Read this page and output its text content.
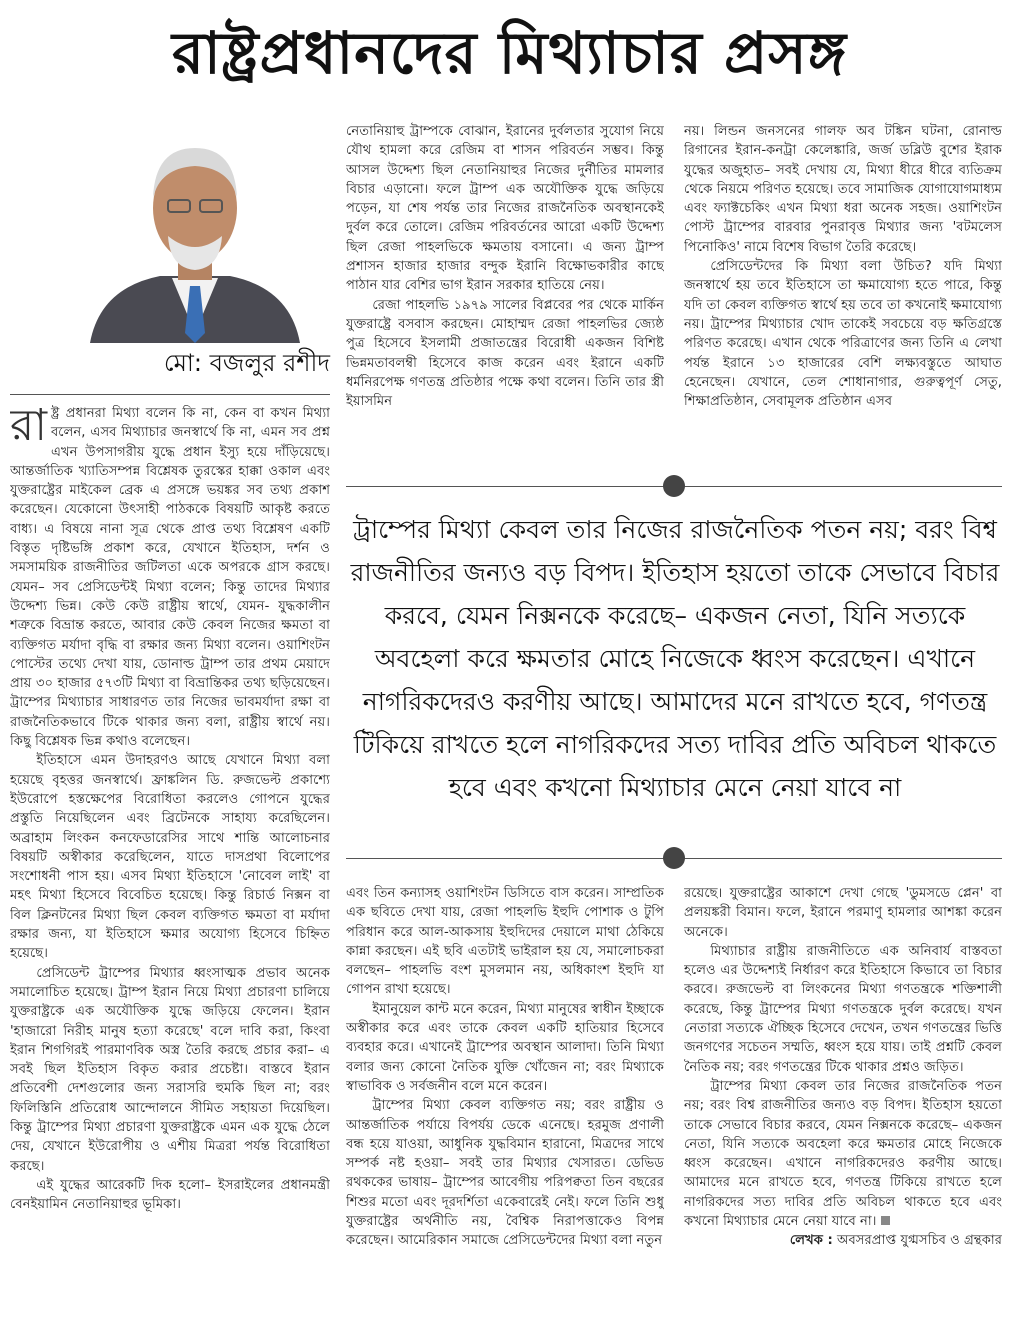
রাষ্ট্রপ্রধানদের মিথ্যাচার প্রসঙ্গ
মো: বজলুর রশীদ

রাষ্ট্র প্রধানরা মিথ্যা বলেন কি না, কেন বা কখন মিথ্যা বলেন, এসব মিথ্যাচার জনস্বার্থে কি না, এমন সব প্রশ্ন এখন উপসাগরীয় যুদ্ধে প্রধান ইস্যু হয়ে দাঁড়িয়েছে। আন্তর্জাতিক খ্যাতিসম্পন্ন বিশ্লেষক তুরস্কের হাক্কা ওকাল এবং যুক্তরাষ্ট্রের মাইকেল ব্রেক এ প্রসঙ্গে ভয়ঙ্কর সব তথ্য প্রকাশ করেছেন। যেকোনো উৎসাহী পাঠককে বিষয়টি আকৃষ্ট করতে বাধ্য। এ বিষয়ে নানা সূত্র থেকে প্রাপ্ত তথ্য বিশ্লেষণ একটি বিস্তৃত দৃষ্টিভঙ্গি প্রকাশ করে, যেখানে ইতিহাস, দর্শন ও সমসাময়িক রাজনীতির জটিলতা একে অপরকে গ্রাস করছে। যেমন– সব প্রেসিডেন্টই মিথ্যা বলেন; কিন্তু তাদের মিথ্যার উদ্দেশ্য ভিন্ন। কেউ কেউ রাষ্ট্রীয় স্বার্থে, যেমন- যুদ্ধকালীন শত্রুকে বিভ্রান্ত করতে, আবার কেউ কেবল নিজের ক্ষমতা বা ব্যক্তিগত মর্যাদা বৃদ্ধি বা রক্ষার জন্য মিথ্যা বলেন। ওয়াশিংটন পোস্টের তথ্যে দেখা যায়, ডোনাল্ড ট্রাম্প তার প্রথম মেয়াদে প্রায় ৩০ হাজার ৫৭৩টি মিথ্যা বা বিভ্রান্তিকর তথ্য ছড়িয়েছেন। ট্রাম্পের মিথ্যাচার সাধারণত তার নিজের ভাবমর্যাদা রক্ষা বা রাজনৈতিকভাবে টিকে থাকার জন্য বলা, রাষ্ট্রীয় স্বার্থে নয়। কিছু বিশ্লেষক ভিন্ন কথাও বলেছেন।

ইতিহাসে এমন উদাহরণও আছে যেখানে মিথ্যা বলা হয়েছে বৃহত্তর জনস্বার্থে। ফ্রাঙ্কলিন ডি. রুজভেল্ট প্রকাশ্যে ইউরোপে হস্তক্ষেপের বিরোধিতা করলেও গোপনে যুদ্ধের প্রস্তুতি নিয়েছিলেন এবং ব্রিটেনকে সাহায্য করেছিলেন। অব্রাহাম লিংকন কনফেডারেসির সাথে শান্তি আলোচনার বিষয়টি অস্বীকার করেছিলেন, যাতে দাসপ্রথা বিলোপের সংশোধনী পাস হয়। এসব মিথ্যা ইতিহাসে 'নোবেল লাই' বা মহৎ মিথ্যা হিসেবে বিবেচিত হয়েছে। কিন্তু রিচার্ড নিক্সন বা বিল ক্লিনটনের মিথ্যা ছিল কেবল ব্যক্তিগত ক্ষমতা বা মর্যাদা রক্ষার জন্য, যা ইতিহাসে ক্ষমার অযোগ্য হিসেবে চিহ্নিত হয়েছে।

প্রেসিডেন্ট ট্রাম্পের মিথ্যার ধ্বংসাত্মক প্রভাব অনেক সমালোচিত হয়েছে। ট্রাম্প ইরান নিয়ে মিথ্যা প্রচারণা চালিয়ে যুক্তরাষ্ট্রকে এক অযৌক্তিক যুদ্ধে জড়িয়ে ফেলেন। ইরান 'হাজারো নিরীহ মানুষ হত্যা করেছে' বলে দাবি করা, কিংবা ইরান শিগগিরই পারমাণবিক অস্ত্র তৈরি করছে প্রচার করা– এ সবই ছিল ইতিহাস বিকৃত করার প্রচেষ্টা। বাস্তবে ইরান প্রতিবেশী দেশগুলোর জন্য সরাসরি হুমকি ছিল না; বরং ফিলিস্তিনি প্রতিরোধ আন্দোলনে সীমিত সহায়তা দিয়েছিল। কিন্তু ট্রাম্পের মিথ্যা প্রচারণা যুক্তরাষ্ট্রকে এমন এক যুদ্ধে ঠেলে দেয়, যেখানে ইউরোপীয় ও এশীয় মিত্ররা পর্যন্ত বিরোধিতা করছে।

এই যুদ্ধের আরেকটি দিক হলো– ইসরাইলের প্রধানমন্ত্রী বেনইয়ামিন নেতানিয়াহুর ভূমিকা।

নেতানিয়াহু ট্রাম্পকে বোঝান, ইরানের দুর্বলতার সুযোগ নিয়ে যৌথ হামলা করে রেজিম বা শাসন পরিবর্তন সম্ভব। কিন্তু আসল উদ্দেশ্য ছিল নেতানিয়াহুর নিজের দুর্নীতির মামলার বিচার এড়ানো। ফলে ট্রাম্প এক অযৌক্তিক যুদ্ধে জড়িয়ে পড়েন, যা শেষ পর্যন্ত তার নিজের রাজনৈতিক অবস্থানকেই দুর্বল করে তোলে। রেজিম পরিবর্তনের আরো একটি উদ্দেশ্য ছিল রেজা পাহলভিকে ক্ষমতায় বসানো। এ জন্য ট্রাম্প প্রশাসন হাজার হাজার বন্দুক ইরানি বিক্ষোভকারীর কাছে পাঠান যার বেশির ভাগ ইরান সরকার হাতিয়ে নেয়।

রেজা পাহলভি ১৯৭৯ সালের বিপ্লবের পর থেকে মার্কিন যুক্তরাষ্ট্রে বসবাস করছেন। মোহাম্মদ রেজা পাহলভির জ্যেষ্ঠ পুত্র হিসেবে ইসলামী প্রজাতন্ত্রের বিরোধী একজন বিশিষ্ট ভিন্নমতাবলম্বী হিসেবে কাজ করেন এবং ইরানে একটি ধর্মনিরপেক্ষ গণতন্ত্র প্রতিষ্ঠার পক্ষে কথা বলেন। তিনি তার স্ত্রী ইয়াসমিন

নয়। লিন্ডন জনসনের গালফ অব টঙ্কিন ঘটনা, রোনাল্ড রিগানের ইরান-কনট্রা কেলেঙ্কারি, জর্জ ডব্লিউ বুশের ইরাক যুদ্ধের অজুহাত– সবই দেখায় যে, মিথ্যা ধীরে ধীরে ব্যতিক্রম থেকে নিয়মে পরিণত হয়েছে। তবে সামাজিক যোগাযোগমাধ্যম এবং ফ্যাক্টচেকিং এখন মিথ্যা ধরা অনেক সহজ। ওয়াশিংটন পোস্ট ট্রাম্পের বারবার পুনরাবৃত্ত মিথ্যার জন্য 'বটমলেস পিনোকিও' নামে বিশেষ বিভাগ তৈরি করেছে।

প্রেসিডেন্টদের কি মিথ্যা বলা উচিত? যদি মিথ্যা জনস্বার্থে হয় তবে ইতিহাসে তা ক্ষমাযোগ্য হতে পারে, কিন্তু যদি তা কেবল ব্যক্তিগত স্বার্থে হয় তবে তা কখনোই ক্ষমাযোগ্য নয়। ট্রাম্পের মিথ্যাচার খোদ তাকেই সবচেয়ে বড় ক্ষতিগ্রস্তে পরিণত করেছে। এখান থেকে পরিত্রাণের জন্য তিনি এ লেখা পর্যন্ত ইরানে ১৩ হাজারের বেশি লক্ষ্যবস্তুতে আঘাত হেনেছেন। যেখানে, তেল শোধানাগার, গুরুত্বপূর্ণ সেতু, শিক্ষাপ্রতিষ্ঠান, সেবামূলক প্রতিষ্ঠান এসব

ট্রাম্পের মিথ্যা কেবল তার নিজের রাজনৈতিক পতন নয়; বরং বিশ্ব রাজনীতির জন্যও বড় বিপদ। ইতিহাস হয়তো তাকে সেভাবে বিচার করবে, যেমন নিক্সনকে করেছে– একজন নেতা, যিনি সত্যকে অবহেলা করে ক্ষমতার মোহে নিজেকে ধ্বংস করেছেন। এখানে নাগরিকদেরও করণীয় আছে। আমাদের মনে রাখতে হবে, গণতন্ত্র টিকিয়ে রাখতে হলে নাগরিকদের সত্য দাবির প্রতি অবিচল থাকতে হবে এবং কখনো মিথ্যাচার মেনে নেয়া যাবে না

এবং তিন কন্যাসহ ওয়াশিংটন ডিসিতে বাস করেন। সাম্প্রতিক এক ছবিতে দেখা যায়, রেজা পাহলভি ইহুদি পোশাক ও টুপি পরিধান করে আল-আকসায় ইহুদিদের দেয়ালে মাথা ঠেকিয়ে কান্না করছেন। এই ছবি এতটাই ভাইরাল হয় যে, সমালোচকরা বলছেন– পাহলভি বংশ মুসলমান নয়, অধিকাংশ ইহুদি যা গোপন রাখা হয়েছে।

ইমানুয়েল কান্ট মনে করেন, মিথ্যা মানুষের স্বাধীন ইচ্ছাকে অস্বীকার করে এবং তাকে কেবল একটি হাতিয়ার হিসেবে ব্যবহার করে। এখানেই ট্রাম্পের অবস্থান আলাদা। তিনি মিথ্যা বলার জন্য কোনো নৈতিক যুক্তি খোঁজেন না; বরং মিথ্যাকে স্বাভাবিক ও সর্বজনীন বলে মনে করেন।

ট্রাম্পের মিথ্যা কেবল ব্যক্তিগত নয়; বরং রাষ্ট্রীয় ও আন্তর্জাতিক পর্যায়ে বিপর্যয় ডেকে এনেছে। হরমুজ প্রণালী বন্ধ হয়ে যাওয়া, আধুনিক যুদ্ধবিমান হারানো, মিত্রদের সাথে সম্পর্ক নষ্ট হওয়া– সবই তার মিথ্যার খেসারত। ডেভিড রথককের ভাষায়– ট্রাম্পের আবেগীয় পরিপক্বতা তিন বছরের শিশুর মতো এবং দূরদর্শিতা একেবারেই নেই। ফলে তিনি শুধু যুক্তরাষ্ট্রের অর্থনীতি নয়, বৈশ্বিক নিরাপত্তাকেও বিপন্ন করেছেন। আমেরিকান সমাজে প্রেসিডেন্টদের মিথ্যা বলা নতুন

রয়েছে। যুক্তরাষ্ট্রের আকাশে দেখা গেছে 'ডুমসডে প্লেন' বা প্রলয়ঙ্করী বিমান। ফলে, ইরানে পরমাণু হামলার আশঙ্কা করেন অনেকে।

মিথ্যাচার রাষ্ট্রীয় রাজনীতিতে এক অনিবার্য বাস্তবতা হলেও এর উদ্দেশ্যই নির্ধারণ করে ইতিহাসে কিভাবে তা বিচার করবে। রুজভেল্ট বা লিংকনের মিথ্যা গণতন্ত্রকে শক্তিশালী করেছে, কিন্তু ট্রাম্পের মিথ্যা গণতন্ত্রকে দুর্বল করেছে। যখন নেতারা সত্যকে ঐচ্ছিক হিসেবে দেখেন, তখন গণতন্ত্রের ভিত্তি জনগণের সচেতন সম্মতি, ধ্বংস হয়ে যায়। তাই প্রশ্নটি কেবল নৈতিক নয়; বরং গণতন্ত্রের টিকে থাকার প্রশ্নও জড়িত।

ট্রাম্পের মিথ্যা কেবল তার নিজের রাজনৈতিক পতন নয়; বরং বিশ্ব রাজনীতির জন্যও বড় বিপদ। ইতিহাস হয়তো তাকে সেভাবে বিচার করবে, যেমন নিক্সনকে করেছে– একজন নেতা, যিনি সত্যকে অবহেলা করে ক্ষমতার মোহে নিজেকে ধ্বংস করেছেন। এখানে নাগরিকদেরও করণীয় আছে। আমাদের মনে রাখতে হবে, গণতন্ত্র টিকিয়ে রাখতে হলে নাগরিকদের সত্য দাবির প্রতি অবিচল থাকতে হবে এবং কখনো মিথ্যাচার মেনে নেয়া যাবে না।

লেখক : অবসরপ্রাপ্ত যুগ্মসচিব ও গ্রন্থকার
